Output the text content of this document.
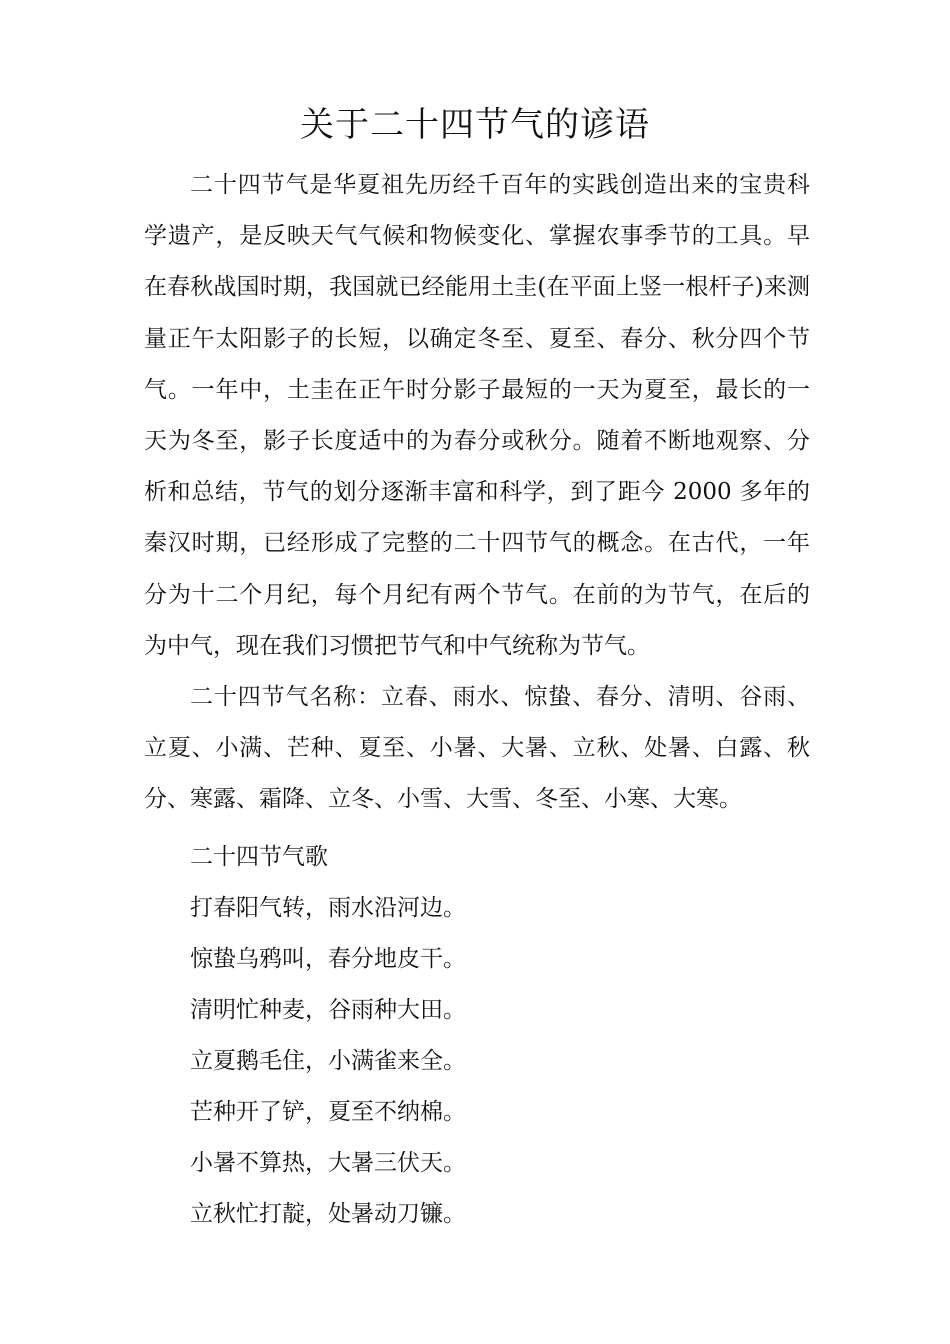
关于二十四节气的谚语

二十四节气是华夏祖先历经千百年的实践创造出来的宝贵科学遗产，是反映天气气候和物候变化、掌握农事季节的工具。早在春秋战国时期，我国就已经能用土圭(在平面上竖一根杆子)来测量正午太阳影子的长短，以确定冬至、夏至、春分、秋分四个节气。一年中，土圭在正午时分影子最短的一天为夏至，最长的一天为冬至，影子长度适中的为春分或秋分。随着不断地观察、分析和总结，节气的划分逐渐丰富和科学，到了距今 2000 多年的秦汉时期，已经形成了完整的二十四节气的概念。在古代，一年分为十二个月纪，每个月纪有两个节气。在前的为节气，在后的为中气，现在我们习惯把节气和中气统称为节气。

二十四节气名称：立春、雨水、惊蛰、春分、清明、谷雨、立夏、小满、芒种、夏至、小暑、大暑、立秋、处暑、白露、秋分、寒露、霜降、立冬、小雪、大雪、冬至、小寒、大寒。

二十四节气歌

打春阳气转，雨水沿河边。

惊蛰乌鸦叫，春分地皮干。

清明忙种麦，谷雨种大田。

立夏鹅毛住，小满雀来全。

芒种开了铲，夏至不纳棉。

小暑不算热，大暑三伏天。

立秋忙打靛，处暑动刀镰。
